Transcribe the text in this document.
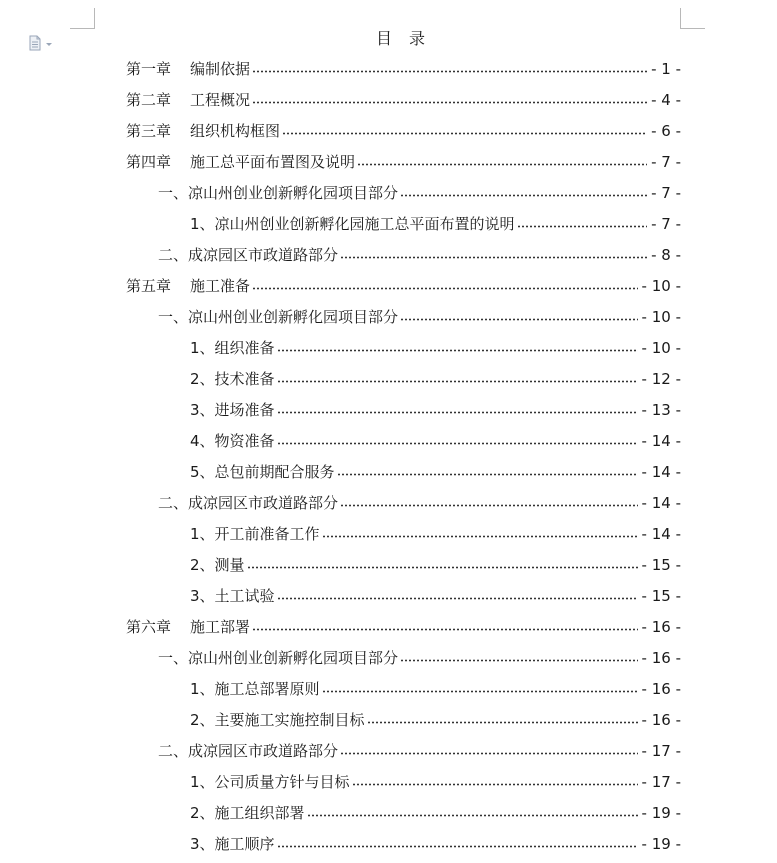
目 录
第一章 编制依据	- 1 -
第二章 工程概况	- 4 -
第三章 组织机构框图	- 6 -
第四章 施工总平面布置图及说明	- 7 -
一、凉山州创业创新孵化园项目部分	- 7 -
1、凉山州创业创新孵化园施工总平面布置的说明	- 7 -
二、成凉园区市政道路部分	- 8 -
第五章 施工准备	- 10 -
一、凉山州创业创新孵化园项目部分	- 10 -
1、组织准备	- 10 -
2、技术准备	- 12 -
3、进场准备	- 13 -
4、物资准备	- 14 -
5、总包前期配合服务	- 14 -
二、成凉园区市政道路部分	- 14 -
1、开工前准备工作	- 14 -
2、测量	- 15 -
3、土工试验	- 15 -
第六章 施工部署	- 16 -
一、凉山州创业创新孵化园项目部分	- 16 -
1、施工总部署原则	- 16 -
2、主要施工实施控制目标	- 16 -
二、成凉园区市政道路部分	- 17 -
1、公司质量方针与目标	- 17 -
2、施工组织部署	- 19 -
3、施工顺序	- 19 -
